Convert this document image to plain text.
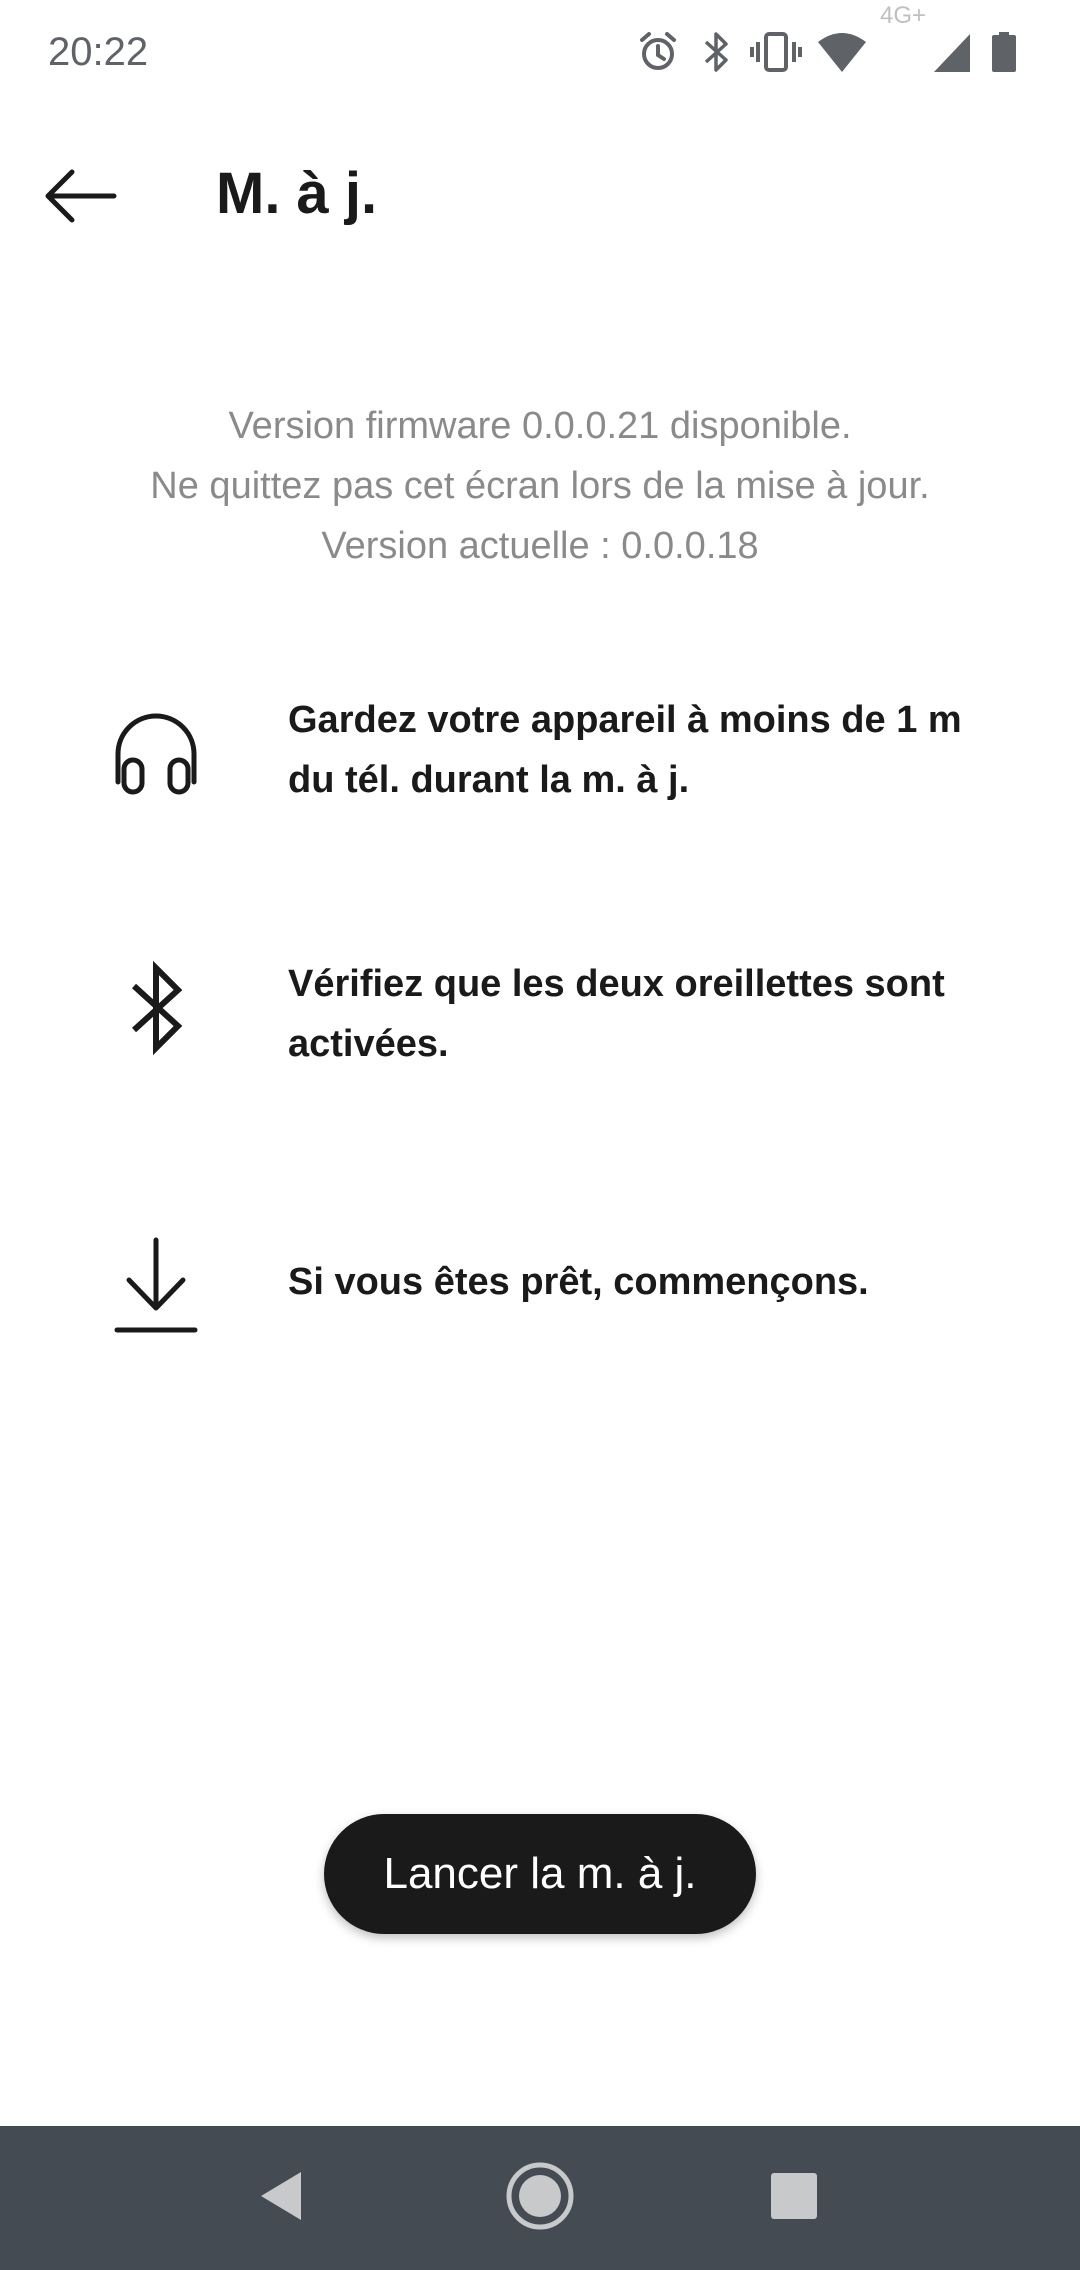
20:22
4G+
M. à j.
Version firmware 0.0.0.21 disponible.
Ne quittez pas cet écran lors de la mise à jour.
Version actuelle : 0.0.0.18
Gardez votre appareil à moins de 1 m du tél. durant la m. à j.
Vérifiez que les deux oreillettes sont activées.
Si vous êtes prêt, commençons.
Lancer la m. à j.
